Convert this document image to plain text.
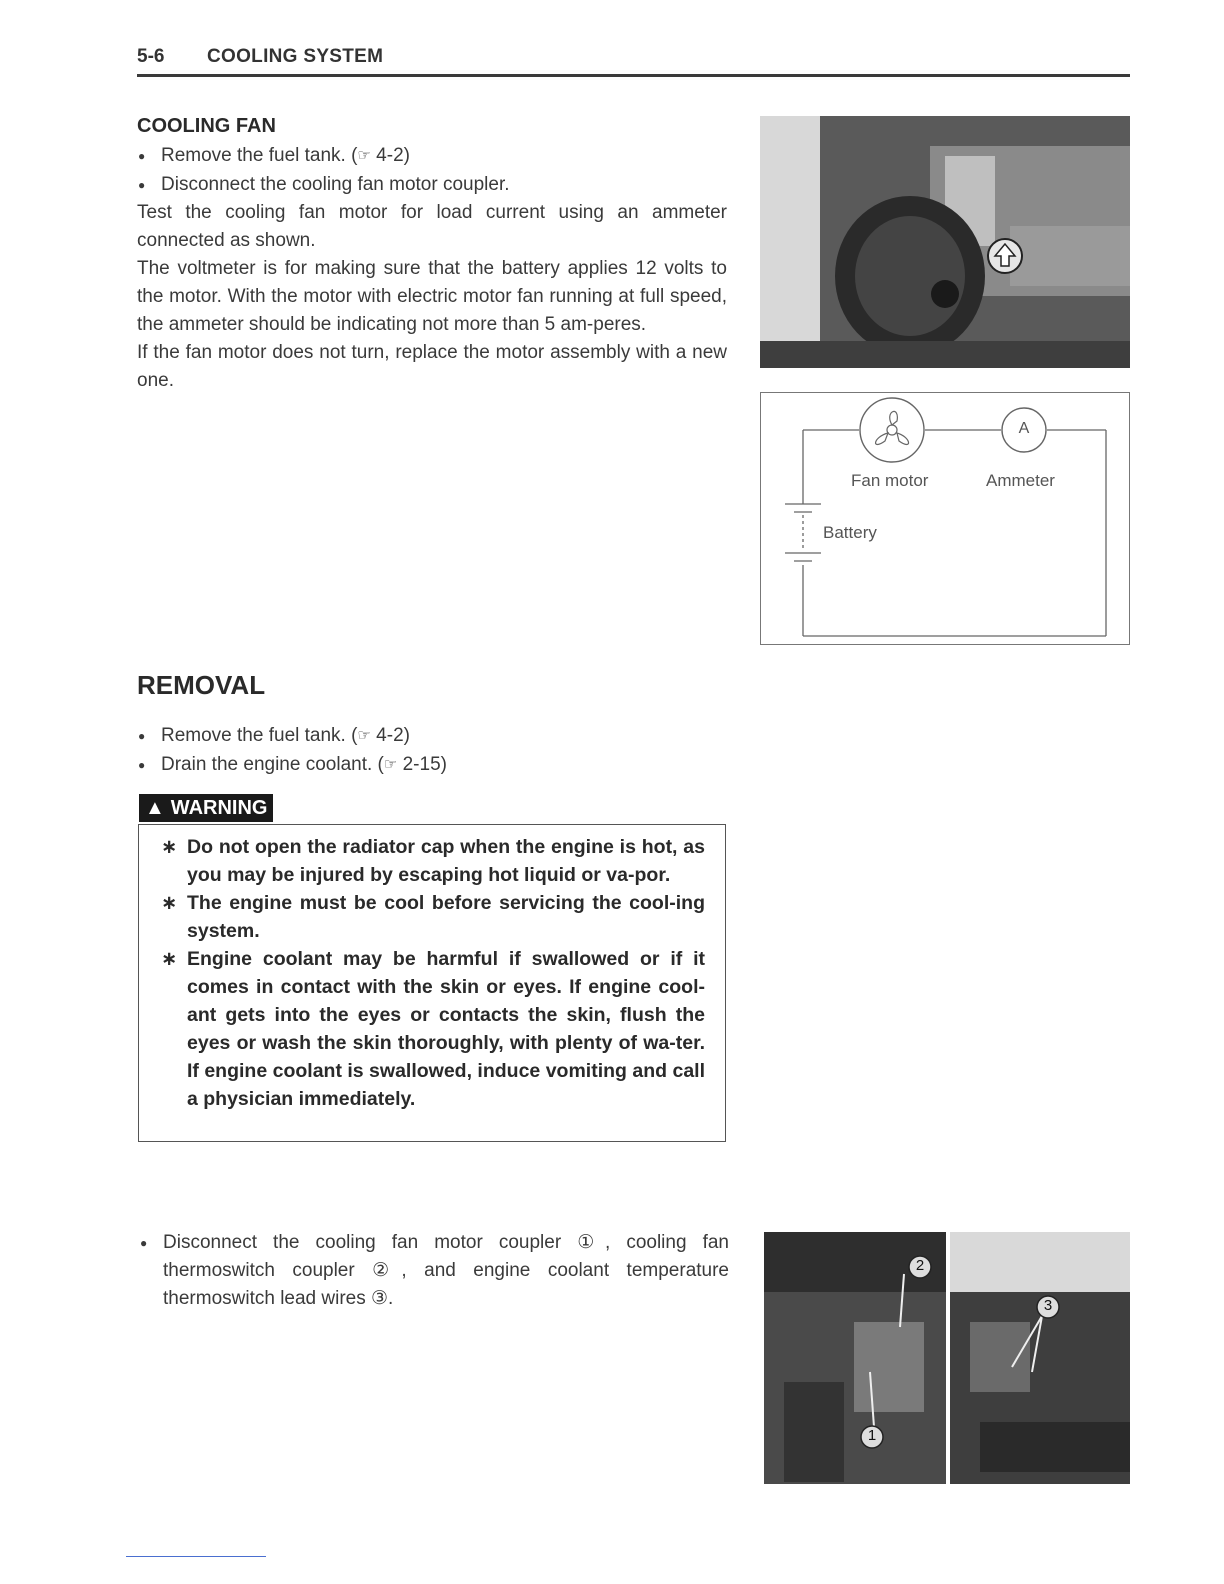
5-6 COOLING SYSTEM
COOLING FAN
● Remove the fuel tank. (☞ 4-2)
● Disconnect the cooling fan motor coupler.
Test the cooling fan motor for load current using an ammeter connected as shown.
The voltmeter is for making sure that the battery applies 12 volts to the motor. With the motor with electric motor fan running at full speed, the ammeter should be indicating not more than 5 am-peres.
If the fan motor does not turn, replace the motor assembly with a new one.
A
Fan motor	Ammeter
Battery
REMOVAL
● Remove the fuel tank. (☞ 4-2)
● Drain the engine coolant. (☞ 2-15)
▲ WARNING
∗ Do not open the radiator cap when the engine is hot, as you may be injured by escaping hot liquid or va-por.
∗ The engine must be cool before servicing the cool-ing system.
∗ Engine coolant may be harmful if swallowed or if it comes in contact with the skin or eyes. If engine cool-ant gets into the eyes or contacts the skin, flush the eyes or wash the skin thoroughly, with plenty of wa-ter. If engine coolant is swallowed, induce vomiting and call a physician immediately.
● Disconnect the cooling fan motor coupler ①, cooling fan thermoswitch coupler ②, and engine coolant temperature thermoswitch lead wires ③.
2
1
3
